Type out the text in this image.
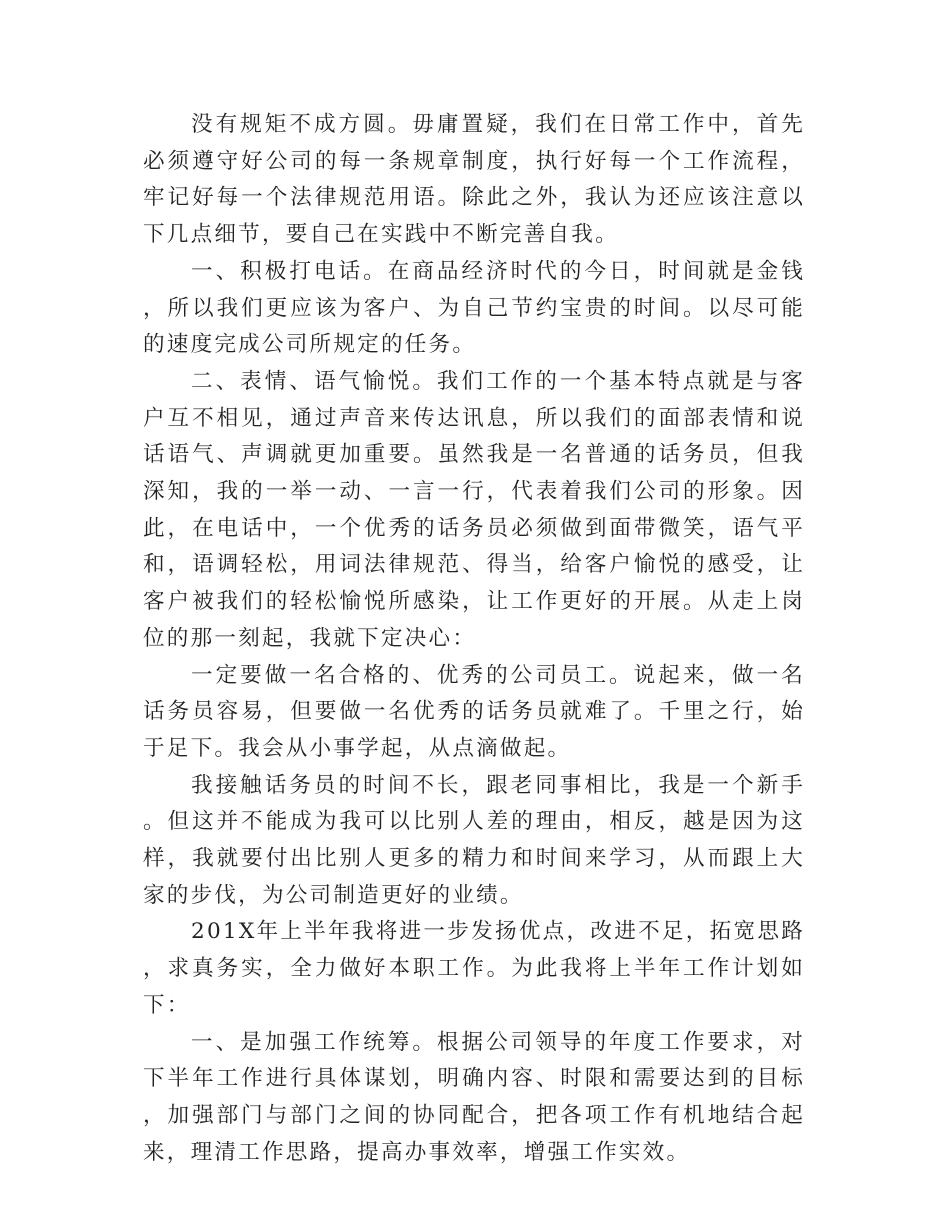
没有规矩不成方圆。毋庸置疑，我们在日常工作中，首先必须遵守好公司的每一条规章制度，执行好每一个工作流程，牢记好每一个法律规范用语。除此之外，我认为还应该注意以下几点细节，要自己在实践中不断完善自我。

一、积极打电话。在商品经济时代的今日，时间就是金钱，所以我们更应该为客户、为自己节约宝贵的时间。以尽可能的速度完成公司所规定的任务。

二、表情、语气愉悦。我们工作的一个基本特点就是与客户互不相见，通过声音来传达讯息，所以我们的面部表情和说话语气、声调就更加重要。虽然我是一名普通的话务员，但我深知，我的一举一动、一言一行，代表着我们公司的形象。因此，在电话中，一个优秀的话务员必须做到面带微笑，语气平和，语调轻松，用词法律规范、得当，给客户愉悦的感受，让客户被我们的轻松愉悦所感染，让工作更好的开展。从走上岗位的那一刻起，我就下定决心：

一定要做一名合格的、优秀的公司员工。说起来，做一名话务员容易，但要做一名优秀的话务员就难了。千里之行，始于足下。我会从小事学起，从点滴做起。

我接触话务员的时间不长，跟老同事相比，我是一个新手。但这并不能成为我可以比别人差的理由，相反，越是因为这样，我就要付出比别人更多的精力和时间来学习，从而跟上大家的步伐，为公司制造更好的业绩。

201X年上半年我将进一步发扬优点，改进不足，拓宽思路，求真务实，全力做好本职工作。为此我将上半年工作计划如下：

一、是加强工作统筹。根据公司领导的年度工作要求，对下半年工作进行具体谋划，明确内容、时限和需要达到的目标，加强部门与部门之间的协同配合，把各项工作有机地结合起来，理清工作思路，提高办事效率，增强工作实效。
